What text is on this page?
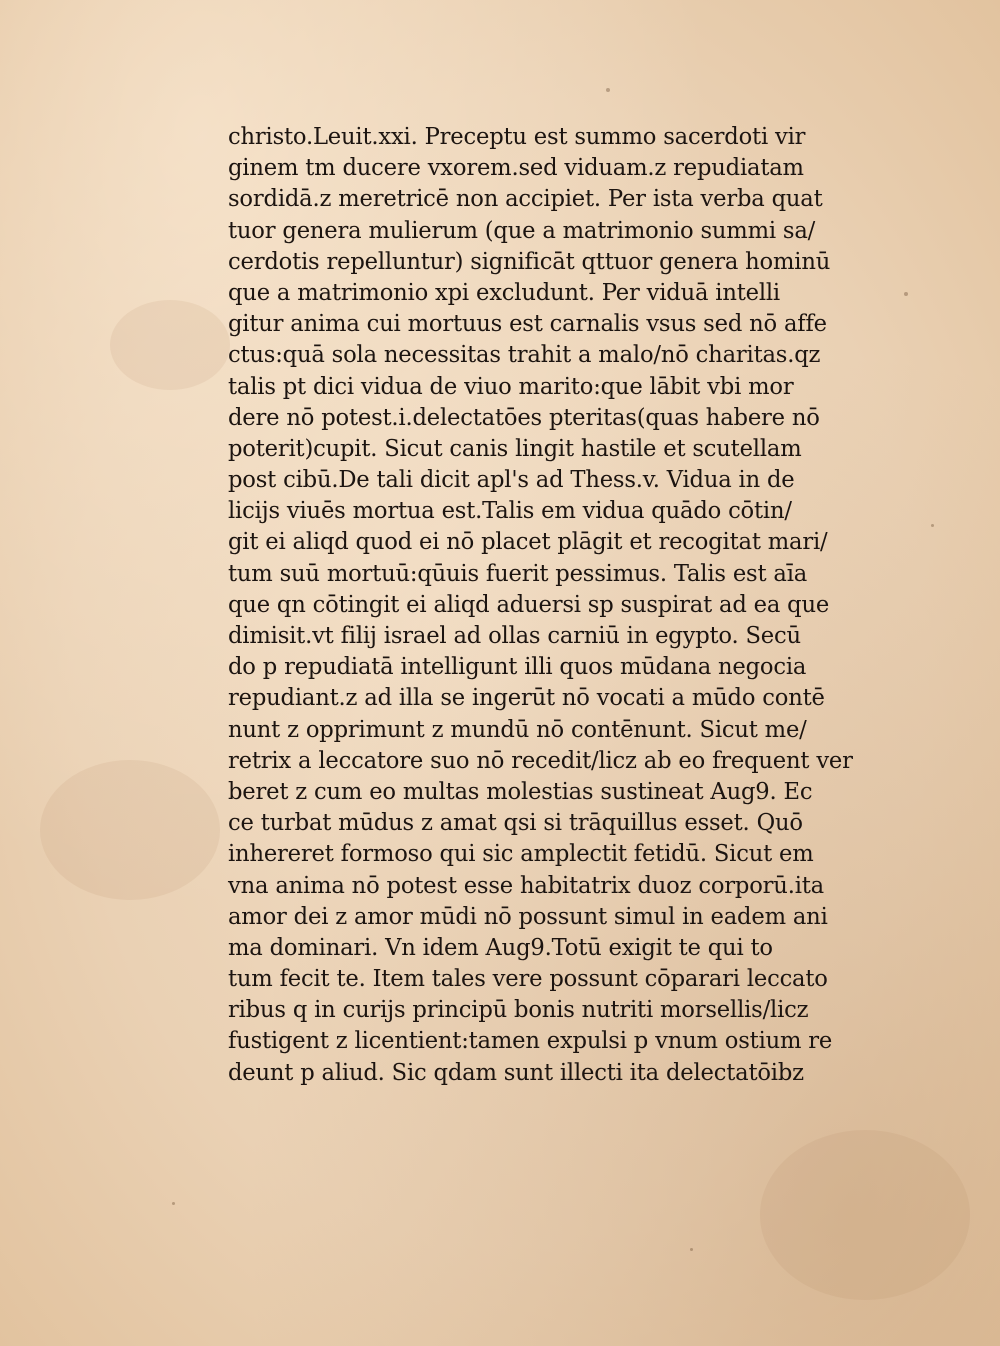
christo.Leuit.xxi. Preceptu est summo sacerdoti vir
ginem tm ducere vxorem.sed viduam.z repudiatam
sordidā.z meretricē non accipiet. Per ista verba quat
tuor genera mulierum (que a matrimonio summi sa/
cerdotis repelluntur) significāt qttuor genera hominū
que a matrimonio xpi excludunt. Per viduā intelli
gitur anima cui mortuus est carnalis vsus sed nō affe
ctus:quā sola necessitas trahit a malo/nō charitas.qz
talis pt dici vidua de viuo marito:que lābit vbi mor
dere nō potest.i.delectatōes pteritas(quas habere nō
poterit)cupit. Sicut canis lingit hastile et scutellam
post cibū.De tali dicit apl's ad Thess.v. Vidua in de
licijs viuēs mortua est.Talis em vidua quādo cōtin/
git ei aliqd quod ei nō placet plāgit et recogitat mari/
tum suū mortuū:qūuis fuerit pessimus. Talis est aīa
que qn cōtingit ei aliqd aduersi sp suspirat ad ea que
dimisit.vt filij israel ad ollas carniū in egypto. Secū
do p repudiatā intelligunt illi quos mūdana negocia
repudiant.z ad illa se ingerūt nō vocati a mūdo contē
nunt z opprimunt z mundū nō contēnunt. Sicut me/
retrix a leccatore suo nō recedit/licz ab eo frequent ver
beret z cum eo multas molestias sustineat Aug9. Ec
ce turbat mūdus z amat qsi si trāquillus esset. Quō
inhereret formoso qui sic amplectit fetidū. Sicut em
vna anima nō potest esse habitatrix duoz corporū.ita
amor dei z amor mūdi nō possunt simul in eadem ani
ma dominari. Vn idem Aug9.Totū exigit te qui to
tum fecit te. Item tales vere possunt cōparari leccato
ribus q in curijs principū bonis nutriti morsellis/licz
fustigent z licentient:tamen expulsi p vnum ostium re
deunt p aliud. Sic qdam sunt illecti ita delectatōibz
